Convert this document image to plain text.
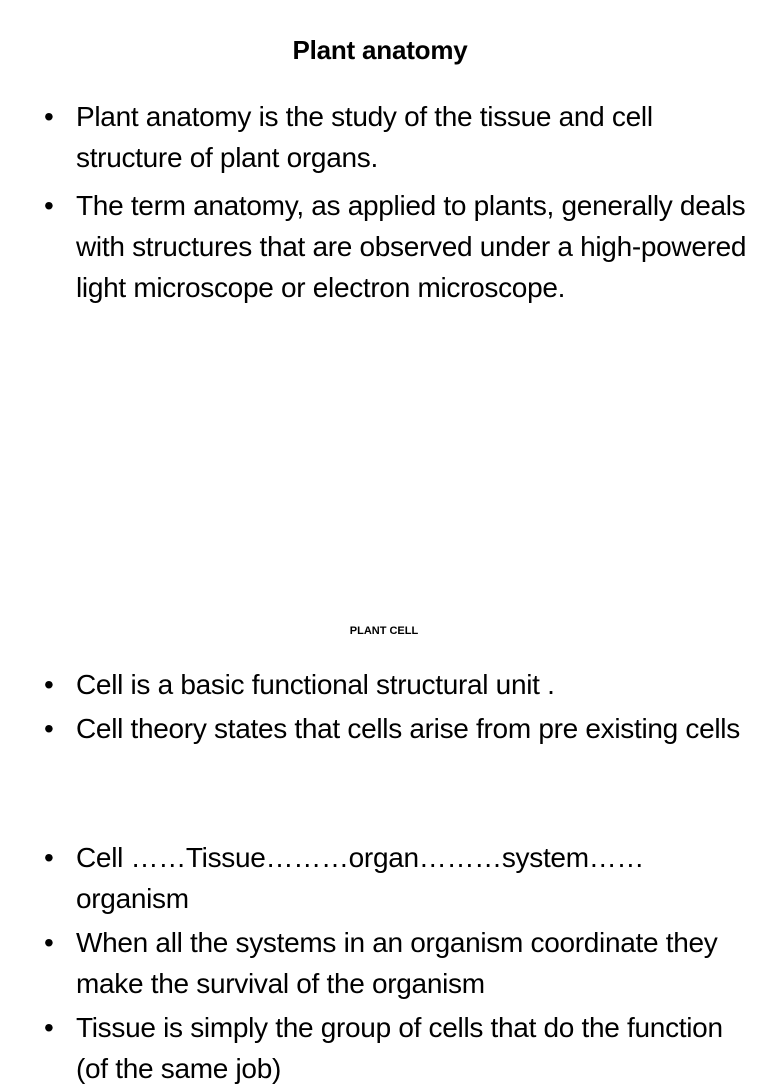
Plant anatomy
• Plant anatomy is the study of the tissue and cell structure of plant organs.
• The term anatomy, as applied to plants, generally deals with structures that are observed under a high-powered light microscope or electron microscope.
PLANT CELL
• Cell is a basic functional structural unit .
• Cell theory states that cells arise from pre existing cells
• Cell ……Tissue………organ………system……organism
• When all the systems in an organism coordinate they make the survival of the organism
• Tissue is simply the group of cells that do the function (of the same job)
